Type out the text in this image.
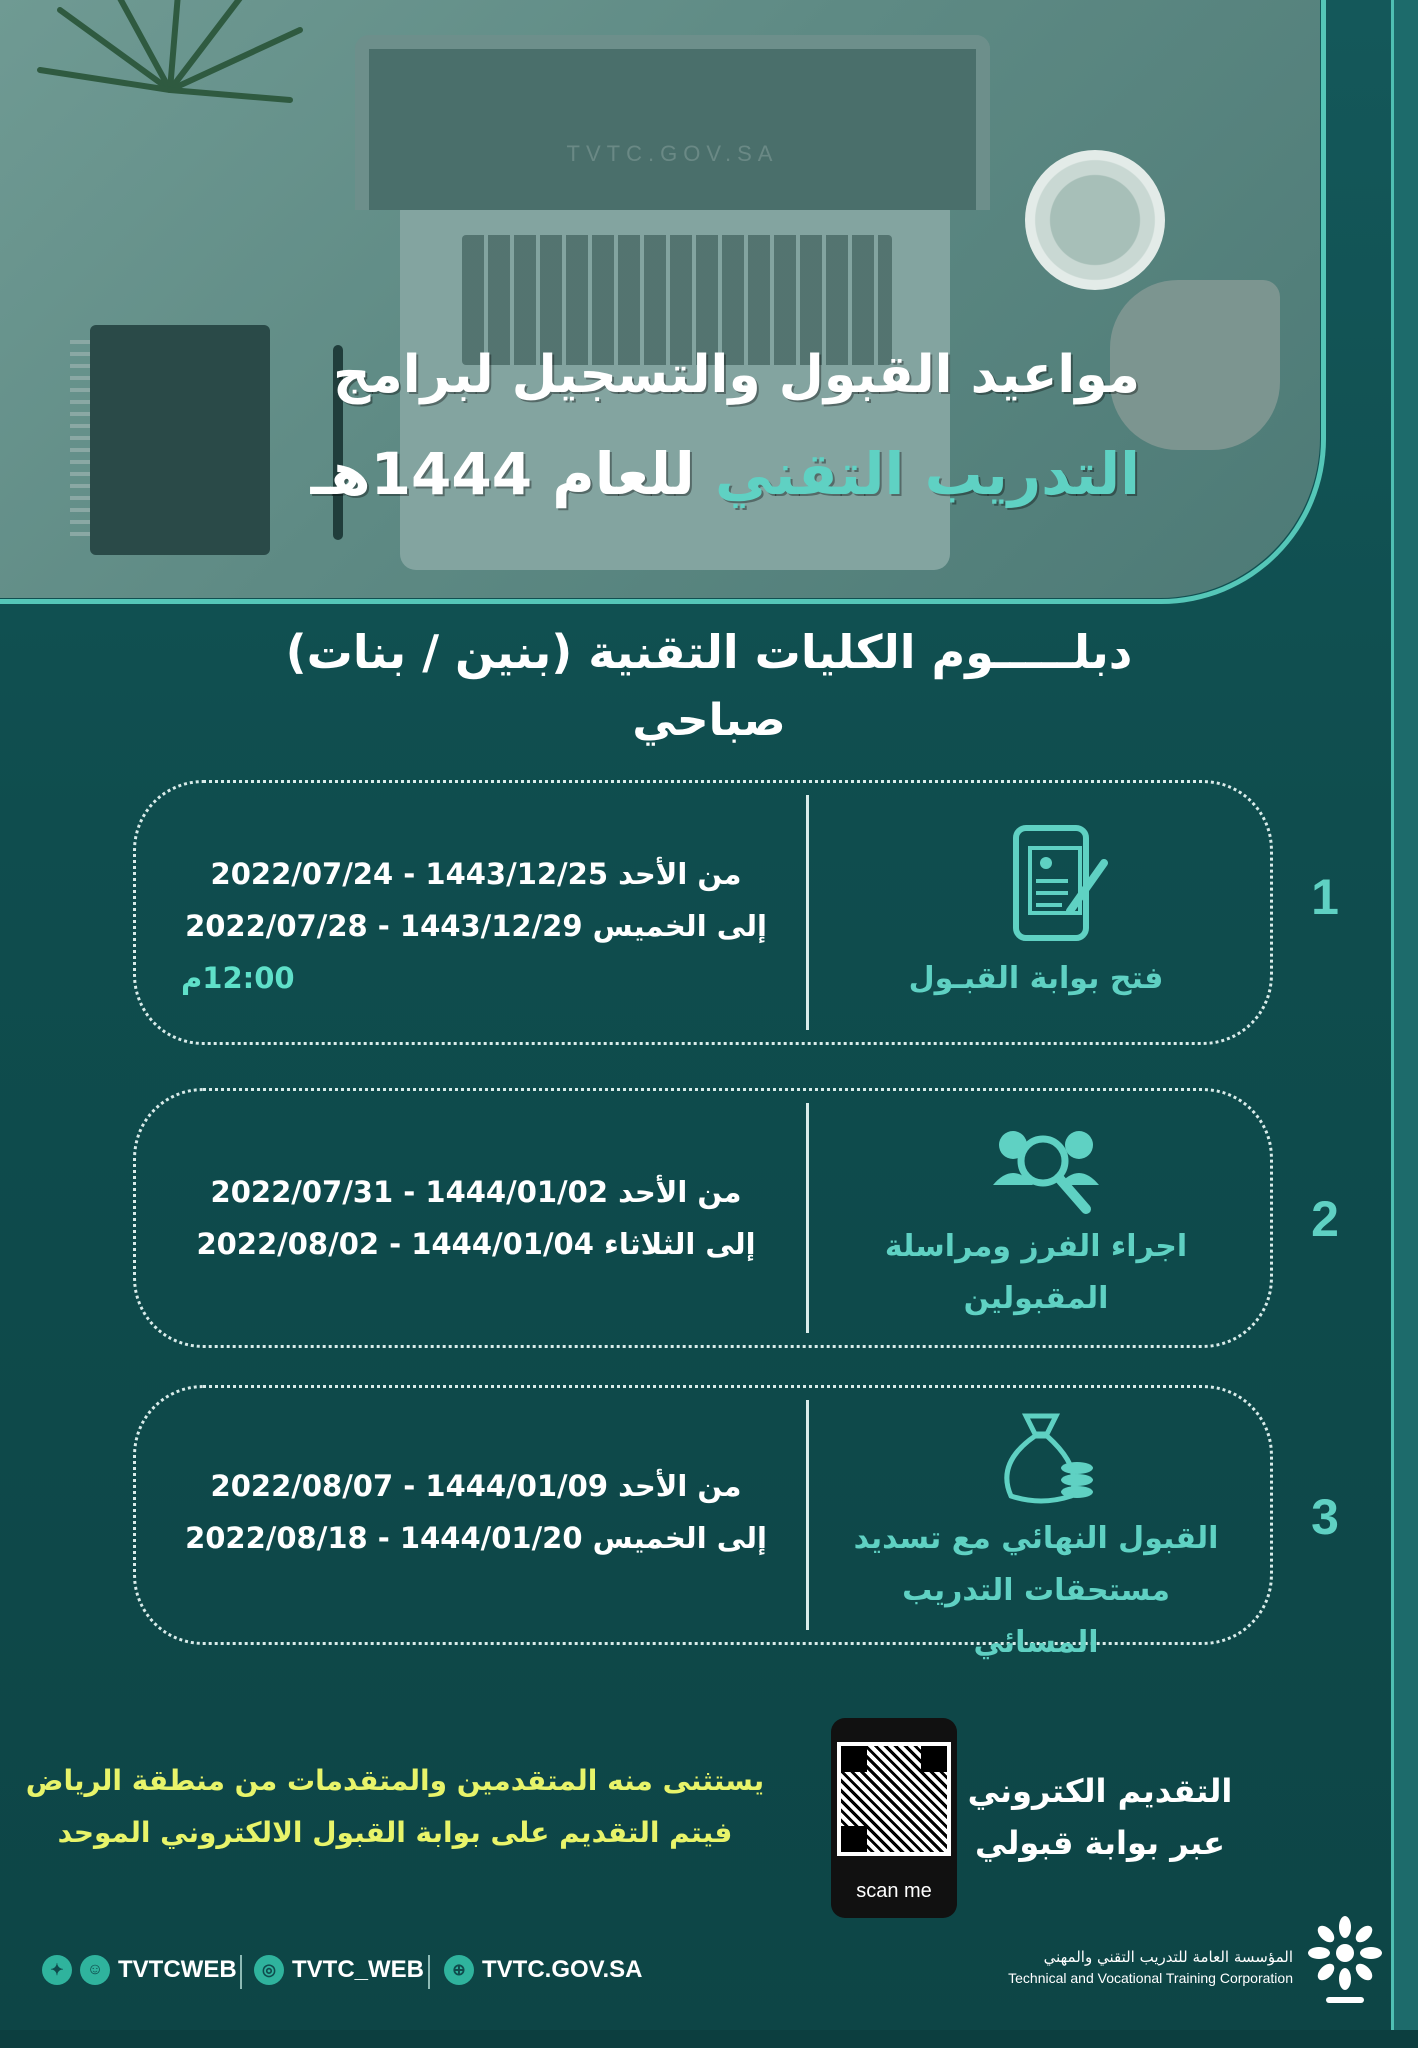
TVTC.GOV.SA
مواعيد القبول والتسجيل لبرامج
التدريب التقني للعام 1444هـ
دبلـــــوم الكليات التقنية (بنين / بنات)
صباحي
من الأحد 1443/12/25 - 2022/07/24
إلى الخميس 1443/12/29 - 2022/07/28
12:00م	فتح بوابة القبـول
1
من الأحد 1444/01/02 - 2022/07/31
إلى الثلاثاء 1444/01/04 - 2022/08/02	اجراء الفرز ومراسلة
المقبولين
2
من الأحد 1444/01/09 - 2022/08/07
إلى الخميس 1444/01/20 - 2022/08/18	القبول النهائي مع تسديد
مستحقات التدريب المسائي
3
يستثنى منه المتقدمين والمتقدمات من منطقة الرياض
فيتم التقديم على بوابة القبول الالكتروني الموحد
scan me
التقديم الكتروني
عبر بوابة قبولي
✦	☺ TVTCWEB	◎ TVTC_WEB	⊕ TVTC.GOV.SA	المؤسسة العامة للتدريب التقني والمهني
Technical and Vocational Training Corporation
